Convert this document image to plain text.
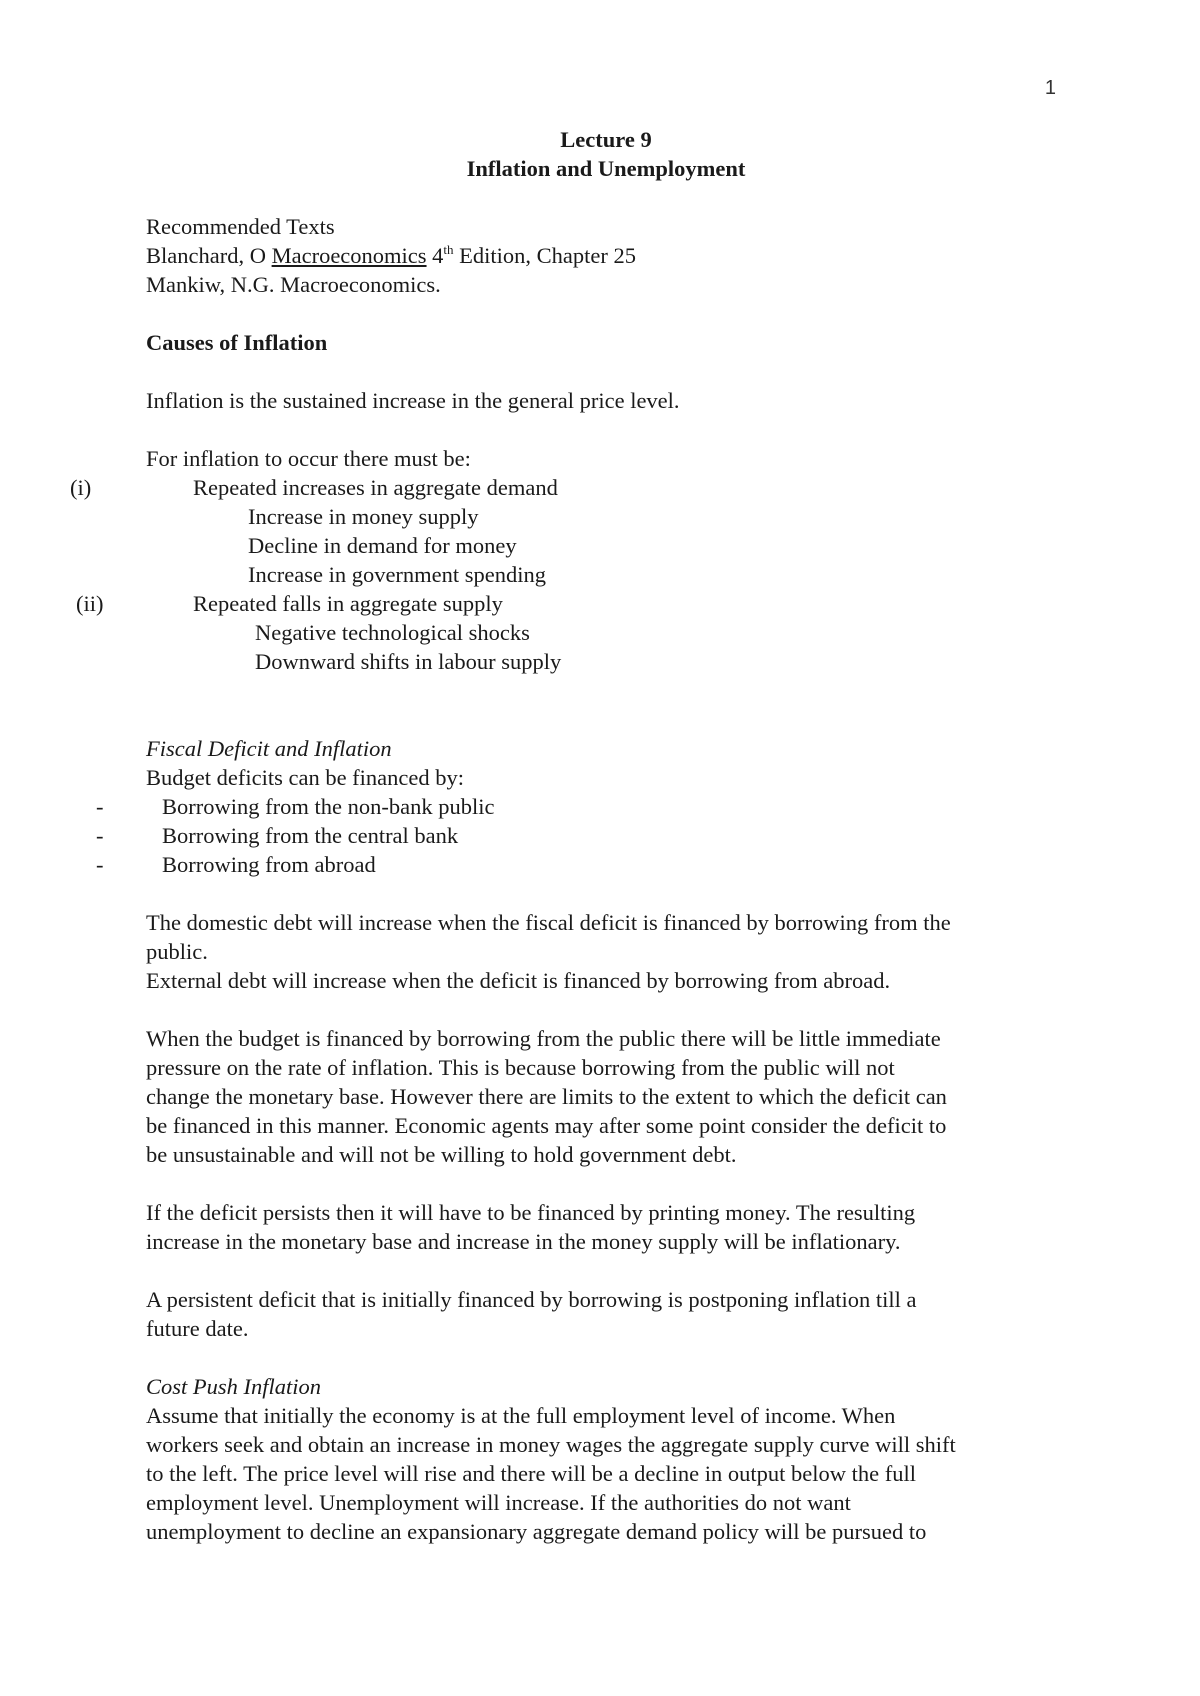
1

Lecture 9

Inflation and Unemployment

Recommended Texts

Blanchard, O Macroeconomics 4th Edition, Chapter 25

Mankiw, N.G. Macroeconomics.

Causes of Inflation

Inflation is the sustained increase in the general price level.

For inflation to occur there must be:

(i)	Repeated increases in aggregate demand
Increase in money supply
Decline in demand for money
Increase in government spending
(ii)	Repeated falls in aggregate supply
Negative technological shocks
Downward shifts in labour supply

Fiscal Deficit and Inflation

Budget deficits can be financed by:

-	Borrowing from the non-bank public
-	Borrowing from the central bank
-	Borrowing from abroad

The domestic debt will increase when the fiscal deficit is financed by borrowing from the

public.

External debt will increase when the deficit is financed by borrowing from abroad.

When the budget is financed by borrowing from the public there will be little immediate

pressure on the rate of inflation. This is because borrowing from the public will not

change the monetary base. However there are limits to the extent to which the deficit can

be financed in this manner. Economic agents may after some point consider the deficit to

be unsustainable and will not be willing to hold government debt.

If the deficit persists then it will have to be financed by printing money. The resulting

increase in the monetary base and increase in the money supply will be inflationary.

A persistent deficit that is initially financed by borrowing is postponing inflation till a

future date.

Cost Push Inflation

Assume that initially the economy is at the full employment level of income. When

workers seek and obtain an increase in money wages the aggregate supply curve will shift

to the left. The price level will rise and there will be a decline in output below the full

employment level. Unemployment will increase. If the authorities do not want

unemployment to decline an expansionary aggregate demand policy will be pursued to
